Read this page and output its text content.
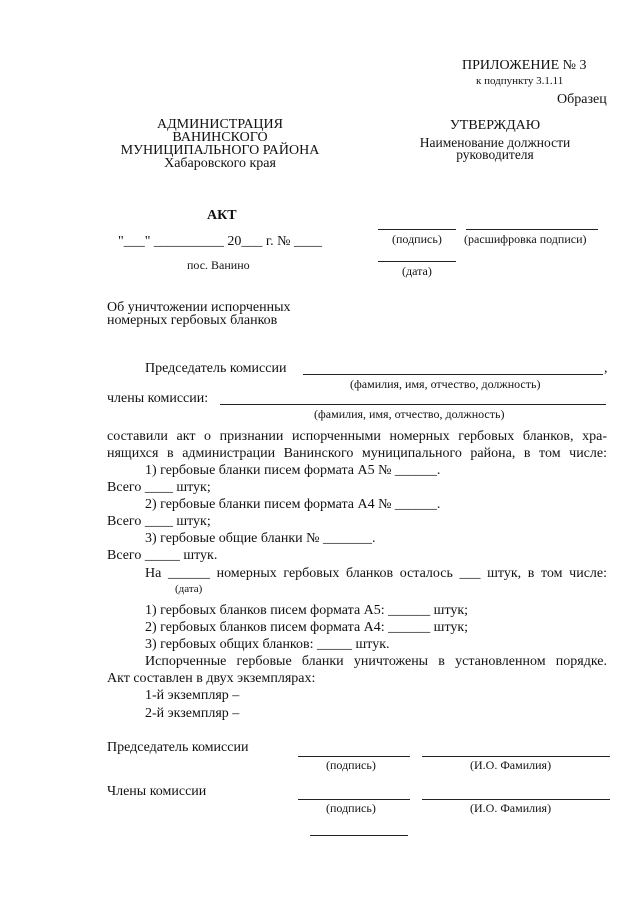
ПРИЛОЖЕНИЕ № 3
к подпункту 3.1.11
Образец
АДМИНИСТРАЦИЯ
ВАНИНСКОГО
МУНИЦИПАЛЬНОГО РАЙОНА
Хабаровского края
УТВЕРЖДАЮ
Наименование должности
руководителя
(подпись) (расшифровка подписи)
(дата)
АКТ
"___" __________ 20___ г. № ____
пос. Ванино
Об уничтожении испорченных
номерных гербовых бланков
Председатель комиссии	,
(фамилия, имя, отчество, должность)
члены комиссии:
(фамилия, имя, отчество, должность)
составили акт о признании испорченными номерных гербовых бланков, хра-
нящихся в администрации Ванинского муниципального района, в том числе:
1) гербовые бланки писем формата А5 № ______.
Всего ____ штук;
2) гербовые бланки писем формата А4 № ______.
Всего ____ штук;
3) гербовые общие бланки № _______.
Всего _____ штук.
На ______ номерных гербовых бланков осталось ___ штук, в том числе:
(дата)
1) гербовых бланков писем формата А5: ______ штук;
2) гербовых бланков писем формата А4: ______ штук;
3) гербовых общих бланков: _____ штук.
Испорченные гербовые бланки уничтожены в установленном порядке.
Акт составлен в двух экземплярах:
1-й экземпляр –
2-й экземпляр –
Председатель комиссии
(подпись)	(И.О. Фамилия)
Члены комиссии
(подпись)	(И.О. Фамилия)
